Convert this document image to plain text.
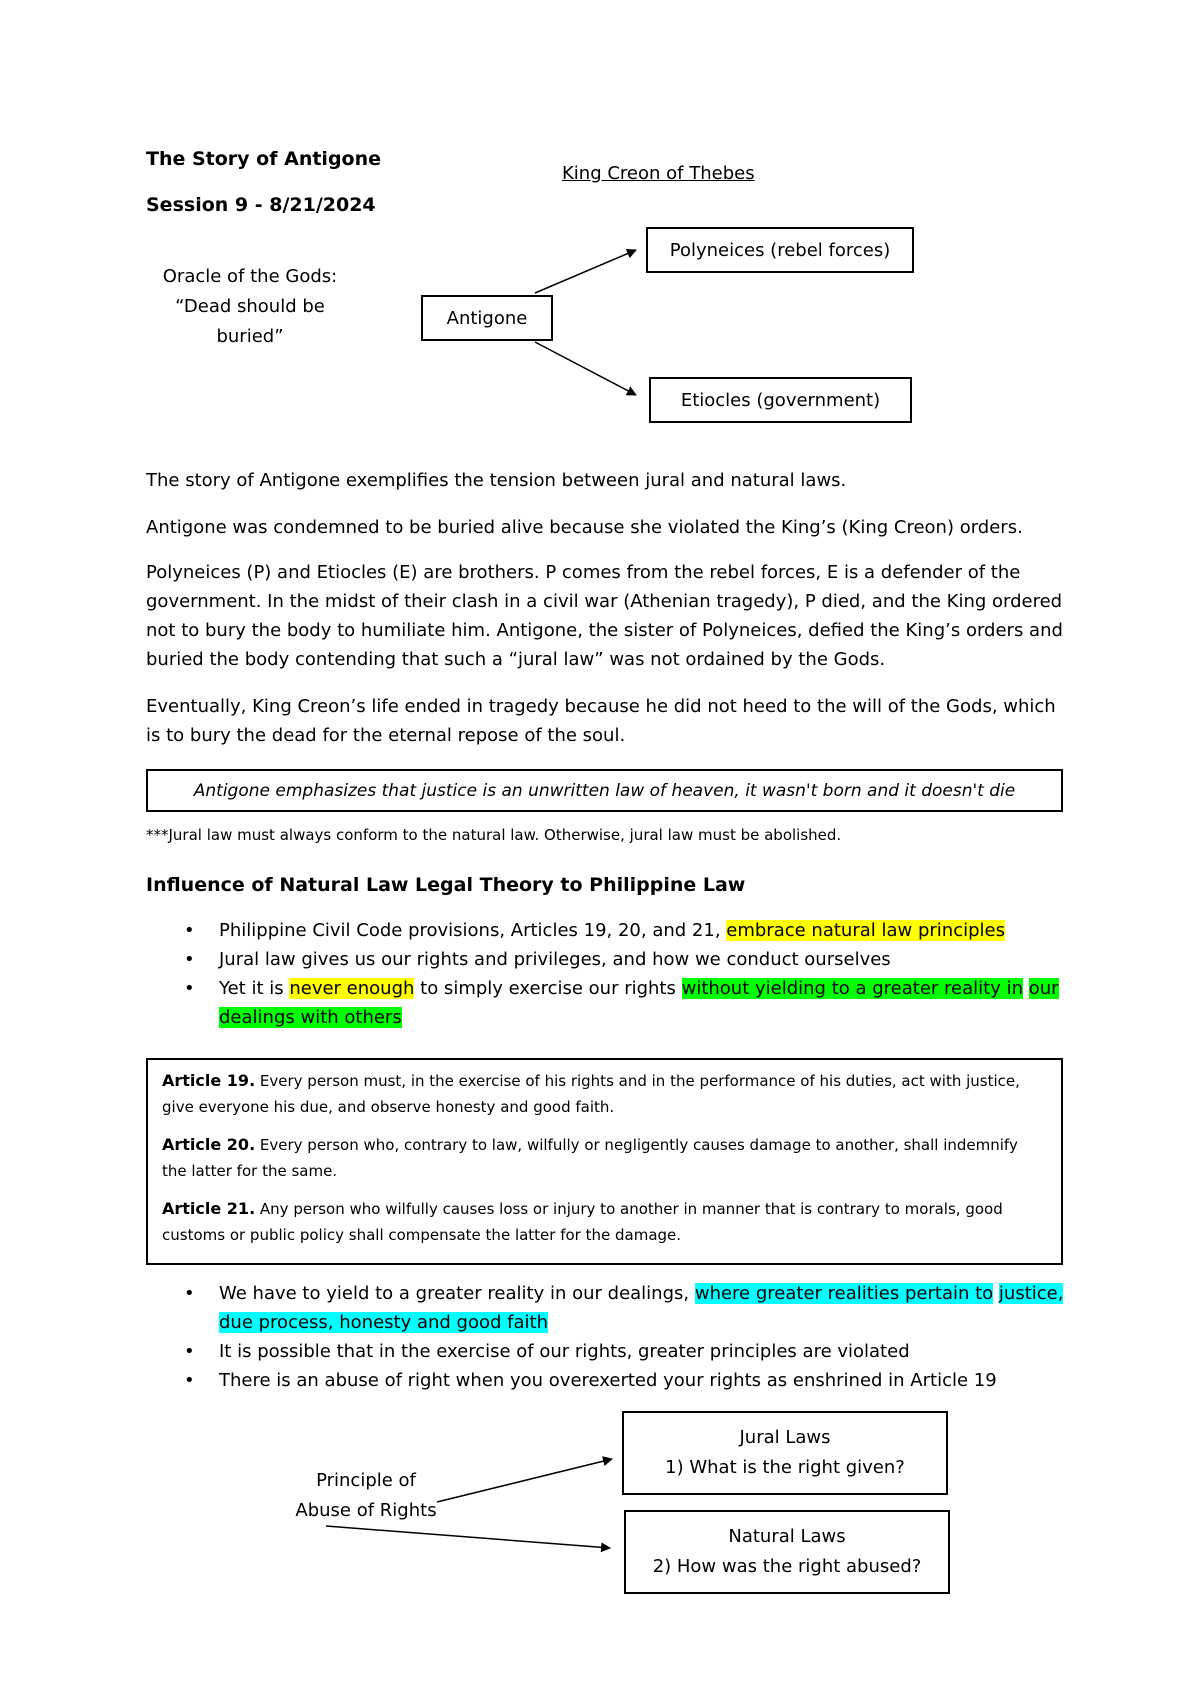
The Story of Antigone
Session 9 - 8/21/2024
King Creon of Thebes
Oracle of the Gods:
“Dead should be
buried”
Antigone
Polyneices (rebel forces)
Etiocles (government)
The story of Antigone exemplifies the tension between jural and natural laws.
Antigone was condemned to be buried alive because she violated the King’s (King Creon) orders.
Polyneices (P) and Etiocles (E) are brothers. P comes from the rebel forces, E is a defender of the government. In the midst of their clash in a civil war (Athenian tragedy), P died, and the King ordered not to bury the body to humiliate him. Antigone, the sister of Polyneices, defied the King’s orders and buried the body contending that such a “jural law” was not ordained by the Gods.
Eventually, King Creon’s life ended in tragedy because he did not heed to the will of the Gods, which is to bury the dead for the eternal repose of the soul.
Antigone emphasizes that justice is an unwritten law of heaven, it wasn't born and it doesn't die
***Jural law must always conform to the natural law. Otherwise, jural law must be abolished.
Influence of Natural Law Legal Theory to Philippine Law
• Philippine Civil Code provisions, Articles 19, 20, and 21, embrace natural law principles
• Jural law gives us our rights and privileges, and how we conduct ourselves
• Yet it is never enough to simply exercise our rights without yielding to a greater reality in our dealings with others

Article 19. Every person must, in the exercise of his rights and in the performance of his duties, act with justice, give everyone his due, and observe honesty and good faith.

Article 20. Every person who, contrary to law, wilfully or negligently causes damage to another, shall indemnify the latter for the same.

Article 21. Any person who wilfully causes loss or injury to another in manner that is contrary to morals, good customs or public policy shall compensate the latter for the damage.

• We have to yield to a greater reality in our dealings, where greater realities pertain to justice, due process, honesty and good faith
• It is possible that in the exercise of our rights, greater principles are violated
• There is an abuse of right when you overexerted your rights as enshrined in Article 19
Principle of
Abuse of Rights
Jural Laws
1) What is the right given?
Natural Laws
2) How was the right abused?
